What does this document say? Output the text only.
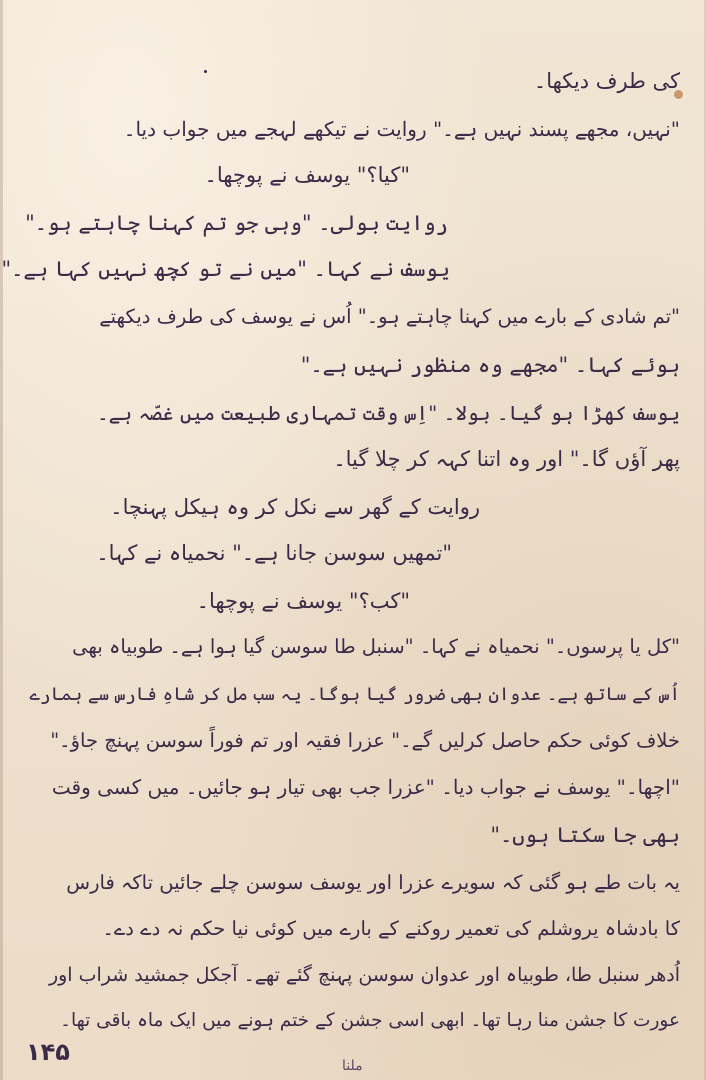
کی طرف دیکھا۔
"نہیں، مجھے پسند نہیں ہے۔" روایت نے تیکھے لہجے میں جواب دیا۔
"کیا؟" یوسف نے پوچھا۔
روایت بولی۔ "وہی جو تم کہنا چاہتے ہو۔"
یوسف نے کہا۔ "میں نے تو کچھ نہیں کہا ہے۔"
"تم شادی کے بارے میں کہنا چاہتے ہو۔" اُس نے یوسف کی طرف دیکھتے
ہوئے کہا۔ "مجھے وہ منظور نہیں ہے۔"
یوسف کھڑا ہو گیا۔ بولا۔ "اِس وقت تمہاری طبیعت میں غصّہ ہے۔
پھر آؤں گا۔" اور وہ اتنا کہہ کر چلا گیا۔
روایت کے گھر سے نکل کر وہ ہیکل پہنچا۔
"تمھیں سوسن جانا ہے۔" نحمیاہ نے کہا۔
"کب؟" یوسف نے پوچھا۔
"کل یا پرسوں۔" نحمیاہ نے کہا۔ "سنبل طا سوسن گیا ہوا ہے۔ طوبیاہ بھی
اُس کے ساتھ ہے۔ عدوان بھی ضرور گیا ہوگا۔ یہ سب مل کر شاہِ فارس سے ہمارے
خلاف کوئی حکم حاصل کرلیں گے۔" عزرا فقیہ اور تم فوراً سوسن پہنچ جاؤ۔"
"اچھا۔" یوسف نے جواب دیا۔ "عزرا جب بھی تیار ہو جائیں۔ میں کسی وقت
بھی جا سکتا ہوں۔"
یہ بات طے ہو گئی کہ سویرے عزرا اور یوسف سوسن چلے جائیں تاکہ فارس
کا بادشاہ یروشلم کی تعمیر روکنے کے بارے میں کوئی نیا حکم نہ دے دے۔
اُدھر سنبل طا، طوبیاہ اور عدوان سوسن پہنچ گئے تھے۔ آجکل جمشید شراب اور
عورت کا جشن منا رہا تھا۔ ابھی اسی جشن کے ختم ہونے میں ایک ماہ باقی تھا۔
۱۴۵	ملنا
